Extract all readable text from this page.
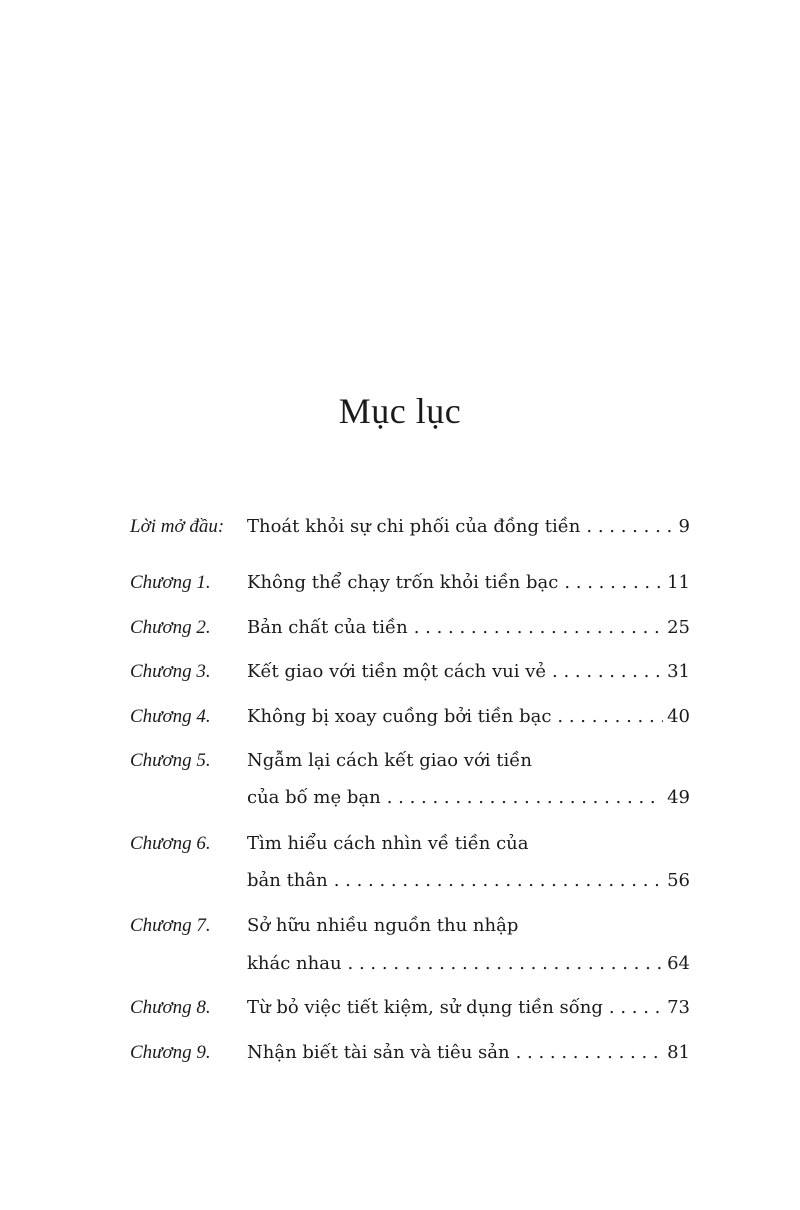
Mục lục
Lời mở đầu: Thoát khỏi sự chi phối của đồng tiền . . .	9
Chương 1. Không thể chạy trốn khỏi tiền bạc . . .	11
Chương 2. Bản chất của tiền . . .	25
Chương 3. Kết giao với tiền một cách vui vẻ . . .	31
Chương 4. Không bị xoay cuồng bởi tiền bạc . . .	40
Chương 5. Ngẫm lại cách kết giao với tiền
của bố mẹ bạn . . .	49
Chương 6. Tìm hiểu cách nhìn về tiền của
bản thân . . .	56
Chương 7. Sở hữu nhiều nguồn thu nhập
khác nhau . . .	64
Chương 8. Từ bỏ việc tiết kiệm, sử dụng tiền sống . . .	73
Chương 9. Nhận biết tài sản và tiêu sản . . .	81
